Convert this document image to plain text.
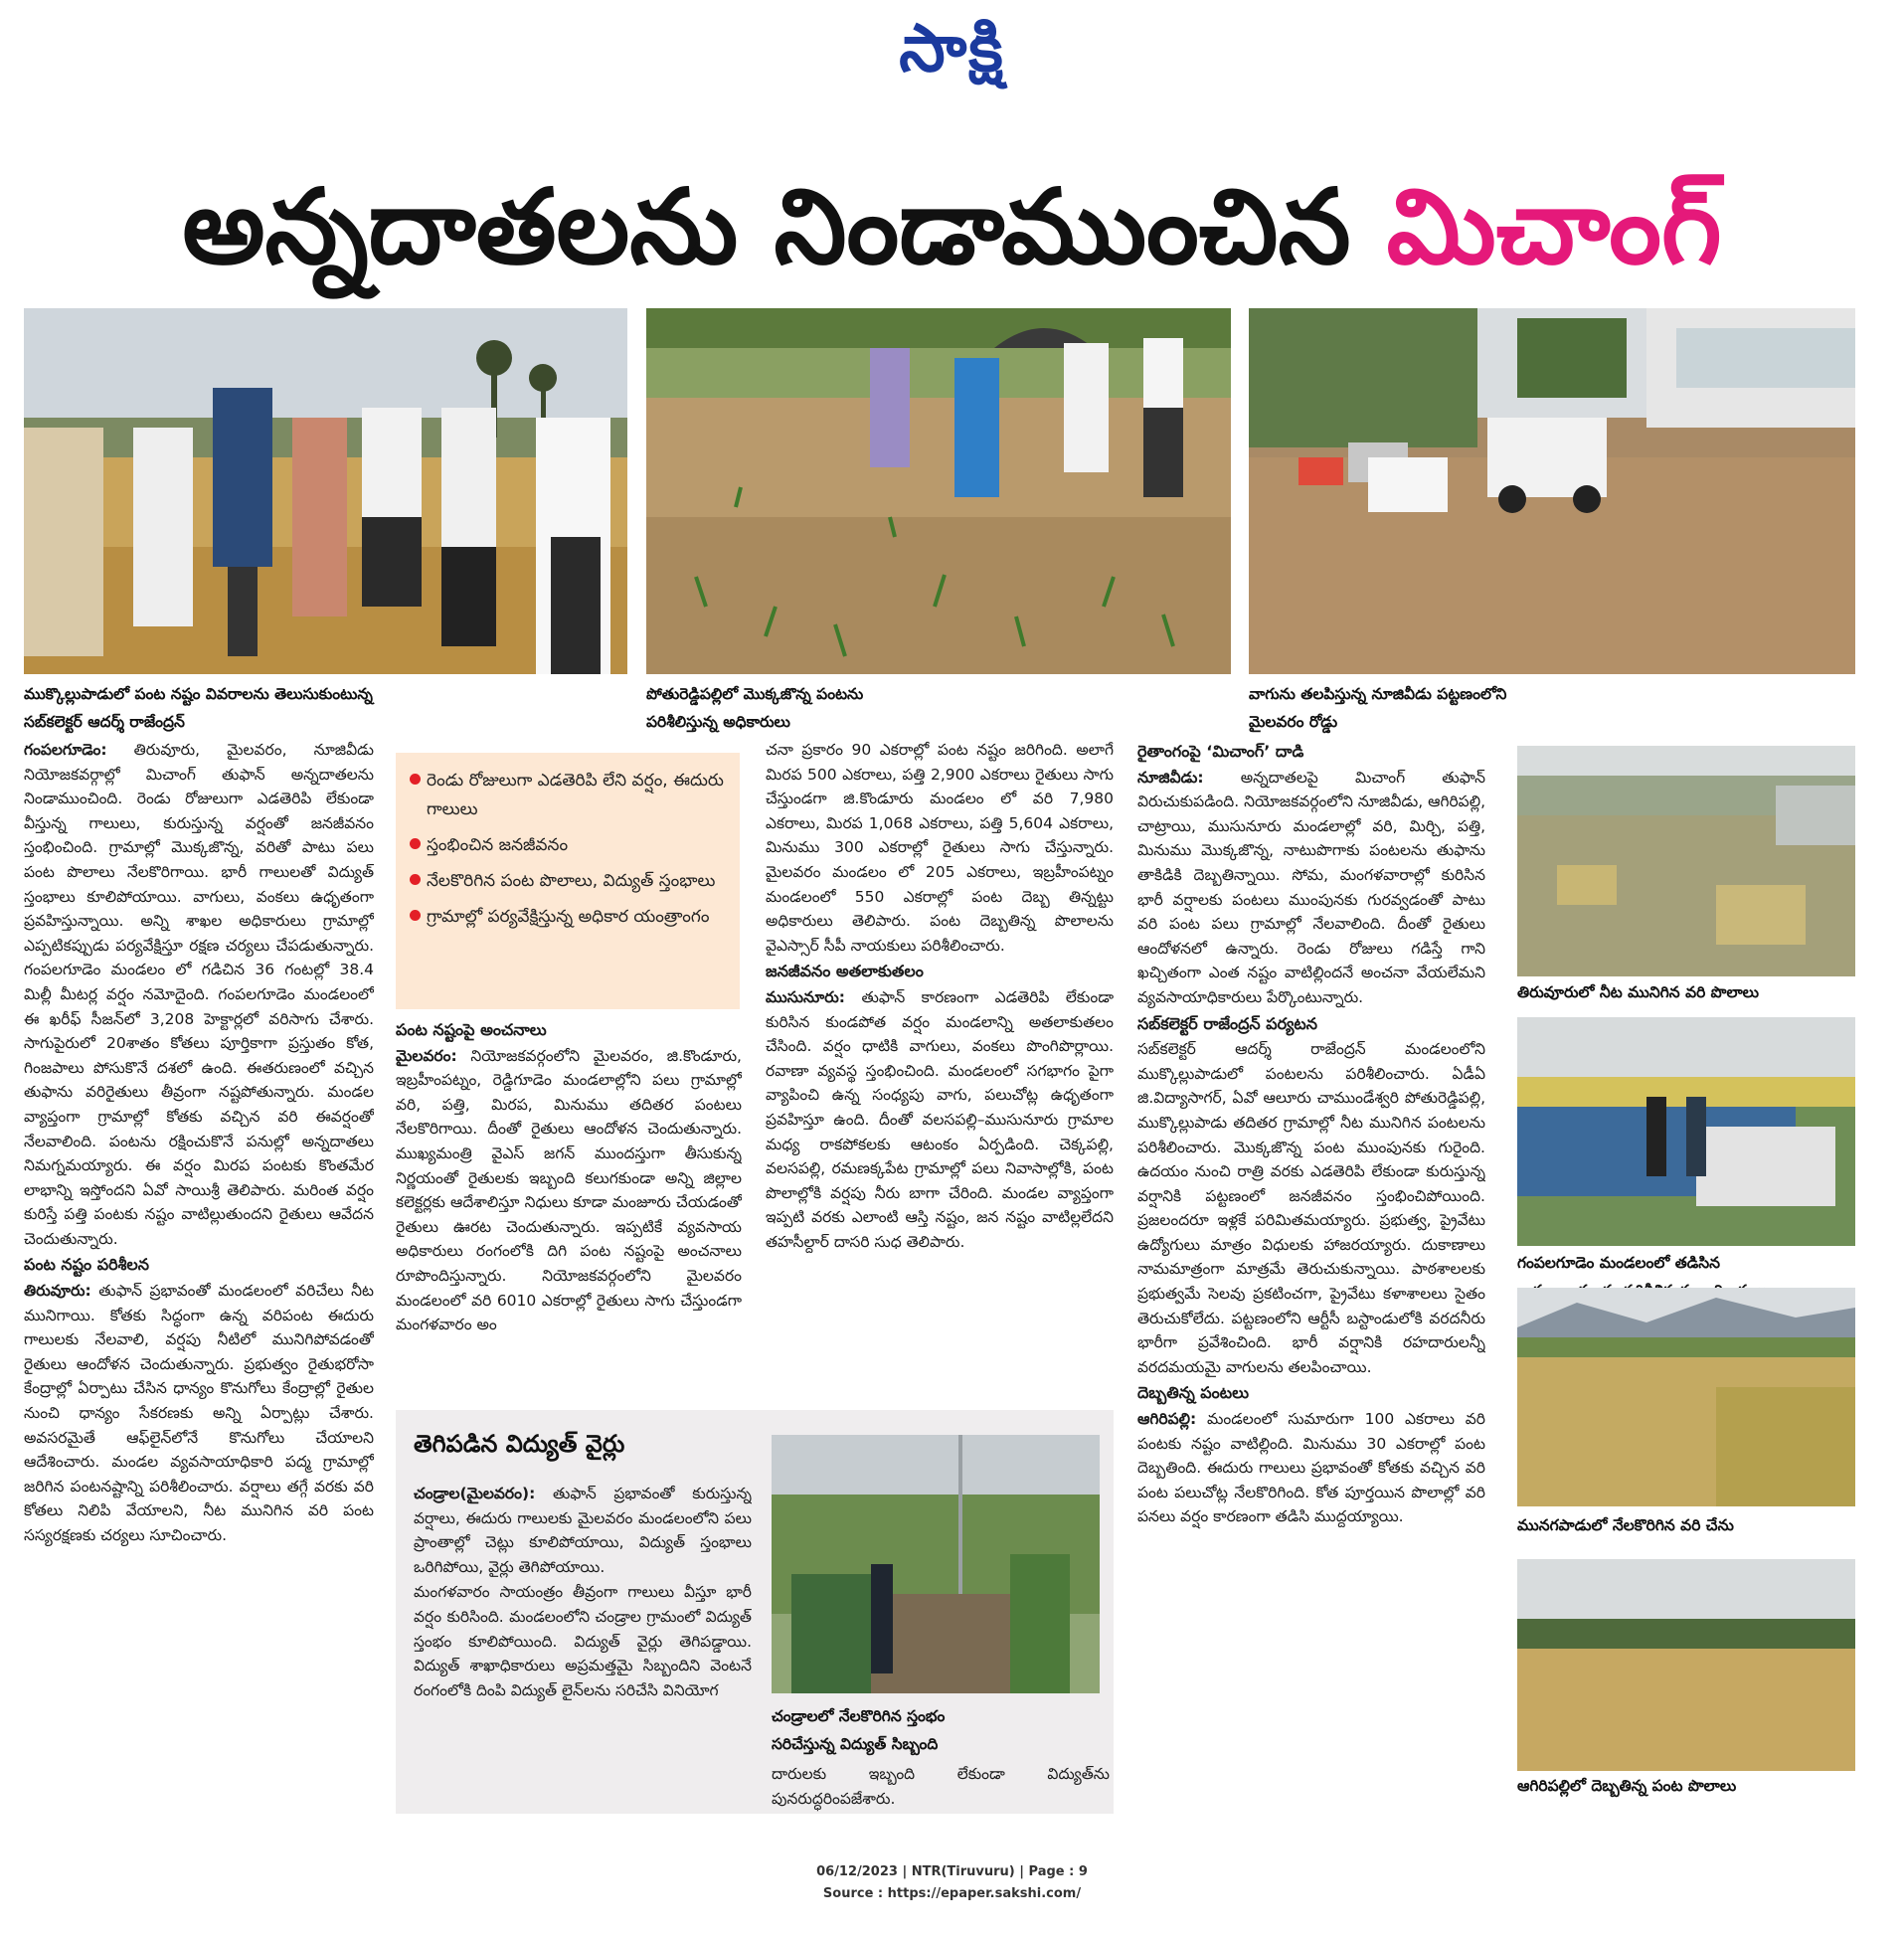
సాక్షి
అన్నదాతలను నిండాముంచిన మిచాంగ్
ముక్కొల్లుపాడులో పంట నష్టం వివరాలను తెలుసుకుంటున్న
సబ్‌కలెక్టర్ ఆదర్శ్ రాజేంద్రన్
పోతురెడ్డిపల్లిలో మొక్కజొన్న పంటను
పరిశీలిస్తున్న అధికారులు
వాగును తలపిస్తున్న నూజివీడు పట్టణంలోని
మైలవరం రోడ్డు

గంపలగూడెం: తిరువూరు, మైలవరం, నూజివీడు నియోజకవర్గాల్లో మిచాంగ్ తుఫాన్ అన్నదాతలను నిండాముంచింది. రెండు రోజులుగా ఎడతెరిపి లేకుండా వీస్తున్న గాలులు, కురుస్తున్న వర్షంతో జనజీవనం స్తంభించింది. గ్రామాల్లో మొక్కజొన్న, వరితో పాటు పలు పంట పొలాలు నేలకొరిగాయి. భారీ గాలులతో విద్యుత్ స్తంభాలు కూలిపోయాయి. వాగులు, వంకలు ఉధృతంగా ప్రవహిస్తున్నాయి. అన్ని శాఖల అధికారులు గ్రామాల్లో ఎప్పటికప్పుడు పర్యవేక్షిస్తూ రక్షణ చర్యలు చేపడుతున్నారు. గంపలగూడెం మండలం లో గడిచిన 36 గంటల్లో 38.4 మిల్లీ మీటర్ల వర్షం నమోదైంది. గంపలగూడెం మండలంలో ఈ ఖరీఫ్ సీజన్‌లో 3,208 హెక్టార్లలో వరిసాగు చేశారు. సాగుపైరులో 20శాతం కోతలు పూర్తికాగా ప్రస్తుతం కోత, గింజపాలు పోసుకొనే దశలో ఉంది. ఈతరుణంలో వచ్చిన తుఫాను వరిరైతులు తీవ్రంగా నష్టపోతున్నారు. మండల వ్యాప్తంగా గ్రామాల్లో కోతకు వచ్చిన వరి ఈవర్షంతో నేలవాలింది. పంటను రక్షించుకొనే పనుల్లో అన్నదాతలు నిమగ్నమయ్యారు. ఈ వర్షం మిరప పంటకు కొంతమేర లాభాన్ని ఇస్తోందని ఏవో సాయిశ్రీ తెలిపారు. మరింత వర్షం కురిస్తే పత్తి పంటకు నష్టం వాటిల్లుతుందని రైతులు ఆవేదన చెందుతున్నారు.

పంట నష్టం పరిశీలన

తిరువూరు: తుఫాన్ ప్రభావంతో మండలంలో వరిచేలు నీట మునిగాయి. కోతకు సిద్ధంగా ఉన్న వరిపంట ఈదురు గాలులకు నేలవాలి, వర్షపు నీటిలో మునిగిపోవడంతో రైతులు ఆందోళన చెందుతున్నారు. ప్రభుత్వం రైతుభరోసా కేంద్రాల్లో ఏర్పాటు చేసిన ధాన్యం కొనుగోలు కేంద్రాల్లో రైతుల నుంచి ధాన్యం సేకరణకు అన్ని ఏర్పాట్లు చేశారు. అవసరమైతే ఆఫ్‌లైన్‌లోనే కొనుగోలు చేయాలని ఆదేశించారు. మండల వ్యవసాయాధికారి పద్మ గ్రామాల్లో జరిగిన పంటనష్టాన్ని పరిశీలించారు. వర్షాలు తగ్గే వరకు వరి కోతలు నిలిపి వేయాలని, నీట మునిగిన వరి పంట సస్యరక్షణకు చర్యలు సూచించారు.

రెండు రోజులుగా ఎడతెరిపి లేని వర్షం, ఈదురు గాలులు
స్తంభించిన జనజీవనం
నేలకొరిగిన పంట పొలాలు, విద్యుత్ స్తంభాలు
గ్రామాల్లో పర్యవేక్షిస్తున్న అధికార యంత్రాంగం

పంట నష్టంపై అంచనాలు

మైలవరం: నియోజకవర్గంలోని మైలవరం, జి.కొండూరు, ఇబ్రహీంపట్నం, రెడ్డిగూడెం మండలాల్లోని పలు గ్రామాల్లో వరి, పత్తి, మిరప, మినుము తదితర పంటలు నేలకొరిగాయి. దీంతో రైతులు ఆందోళన చెందుతున్నారు. ముఖ్యమంత్రి వైఎస్ జగన్ ముందస్తుగా తీసుకున్న నిర్ణయంతో రైతులకు ఇబ్బంది కలుగకుండా అన్ని జిల్లాల కలెక్టర్లకు ఆదేశాలిస్తూ నిధులు కూడా మంజూరు చేయడంతో రైతులు ఊరట చెందుతున్నారు. ఇప్పటికే వ్యవసాయ అధికారులు రంగంలోకి దిగి పంట నష్టంపై అంచనాలు రూపొందిస్తున్నారు. నియోజకవర్గంలోని మైలవరం మండలంలో వరి 6010 ఎకరాల్లో రైతులు సాగు చేస్తుండగా మంగళవారం అం

చనా ప్రకారం 90 ఎకరాల్లో పంట నష్టం జరిగింది. అలాగే మిరప 500 ఎకరాలు, పత్తి 2,900 ఎకరాలు రైతులు సాగు చేస్తుండగా జి.కొండూరు మండలం లో వరి 7,980 ఎకరాలు, మిరప 1,068 ఎకరాలు, పత్తి 5,604 ఎకరాలు, మినుము 300 ఎకరాల్లో రైతులు సాగు చేస్తున్నారు. మైలవరం మండలం లో 205 ఎకరాలు, ఇబ్రహీంపట్నం మండలంలో 550 ఎకరాల్లో పంట దెబ్బ తిన్నట్టు అధికారులు తెలిపారు. పంట దెబ్బతిన్న పొలాలను వైఎస్సార్ సీపీ నాయకులు పరిశీలించారు.

జనజీవనం అతలాకుతలం

ముసునూరు: తుఫాన్ కారణంగా ఎడతెరిపి లేకుండా కురిసిన కుండపోత వర్షం మండలాన్ని అతలాకుతలం చేసింది. వర్షం ధాటికి వాగులు, వంకలు పొంగిపొర్లాయి. రవాణా వ్యవస్థ స్తంభించింది. మండలంలో సగభాగం పైగా వ్యాపించి ఉన్న సంధ్యపు వాగు, పలుచోట్ల ఉధృతంగా ప్రవహిస్తూ ఉంది. దీంతో వలసపల్లి–ముసునూరు గ్రామాల మధ్య రాకపోకలకు ఆటంకం ఏర్పడింది. చెక్కపల్లి, వలసపల్లి, రమణక్కపేట గ్రామాల్లో పలు నివాసాల్లోకి, పంట పొలాల్లోకి వర్షపు నీరు బాగా చేరింది. మండల వ్యాప్తంగా ఇప్పటి వరకు ఎలాంటి ఆస్తి నష్టం, జన నష్టం వాటిల్లలేదని తహసీల్దార్ దాసరి సుధ తెలిపారు.

తెగిపడిన విద్యుత్ వైర్లు

చండ్రాల(మైలవరం): తుఫాన్ ప్రభావంతో కురుస్తున్న వర్షాలు, ఈదురు గాలులకు మైలవరం మండలంలోని పలు ప్రాంతాల్లో చెట్లు కూలిపోయాయి, విద్యుత్ స్తంభాలు ఒరిగిపోయి, వైర్లు తెగిపోయాయి.

మంగళవారం సాయంత్రం తీవ్రంగా గాలులు వీస్తూ భారీ వర్షం కురిసింది. మండలంలోని చండ్రాల గ్రామంలో విద్యుత్ స్తంభం కూలిపోయింది. విద్యుత్ వైర్లు తెగిపడ్డాయి. విద్యుత్ శాఖాధికారులు అప్రమత్తమై సిబ్బందిని వెంటనే రంగంలోకి దింపి విద్యుత్ లైన్‌లను సరిచేసి వినియోగ

చండ్రాలలో నేలకొరిగిన స్తంభం
సరిచేస్తున్న విద్యుత్ సిబ్బంది

దారులకు ఇబ్బంది లేకుండా విద్యుత్‌ను పునరుద్ధరింపజేశారు.

రైతాంగంపై ‘మిచాంగ్’ దాడి

నూజివీడు: అన్నదాతలపై మిచాంగ్ తుఫాన్ విరుచుకుపడింది. నియోజకవర్గంలోని నూజివీడు, ఆగిరిపల్లి, చాట్రాయి, ముసునూరు మండలాల్లో వరి, మిర్చి, పత్తి, మినుము మొక్కజొన్న, నాటుపొగాకు పంటలను తుఫాను తాకిడికి దెబ్బతిన్నాయి. సోమ, మంగళవారాల్లో కురిసిన భారీ వర్షాలకు పంటలు ముంపునకు గురవ్వడంతో పాటు వరి పంట పలు గ్రామాల్లో నేలవాలింది. దీంతో రైతులు ఆందోళనలో ఉన్నారు. రెండు రోజులు గడిస్తే గాని ఖచ్చితంగా ఎంత నష్టం వాటిల్లిందనే అంచనా వేయలేమని వ్యవసాయాధికారులు పేర్కొంటున్నారు.

సబ్‌కలెక్టర్ రాజేంద్రన్ పర్యటన

సబ్‌కలెక్టర్ ఆదర్శ్ రాజేంద్రన్ మండలంలోని ముక్కొల్లుపాడులో పంటలను పరిశీలించారు. ఏడీఏ జి.విద్యాసాగర్, ఏవో ఆలూరు చాముండేశ్వరి పోతురెడ్డిపల్లి, ముక్కొల్లుపాడు తదితర గ్రామాల్లో నీట మునిగిన పంటలను పరిశీలించారు. మొక్కజొన్న పంట ముంపునకు గురైంది. ఉదయం నుంచి రాత్రి వరకు ఎడతెరిపి లేకుండా కురుస్తున్న వర్షానికి పట్టణంలో జనజీవనం స్తంభించిపోయింది. ప్రజలందరూ ఇళ్లకే పరిమితమయ్యారు. ప్రభుత్వ, ప్రైవేటు ఉద్యోగులు మాత్రం విధులకు హాజరయ్యారు. దుకాణాలు నామమాత్రంగా మాత్రమే తెరుచుకున్నాయి. పాఠశాలలకు ప్రభుత్వమే సెలవు ప్రకటించగా, ప్రైవేటు కళాశాలలు సైతం తెరుచుకోలేదు. పట్టణంలోని ఆర్టీసీ బస్టాండులోకి వరదనీరు భారీగా ప్రవేశించింది. భారీ వర్షానికి రహదారులన్నీ వరదమయమై వాగులను తలపించాయి.

దెబ్బతిన్న పంటలు

ఆగిరిపల్లి: మండలంలో సుమారుగా 100 ఎకరాలు వరి పంటకు నష్టం వాటిల్లింది. మినుము 30 ఎకరాల్లో పంట దెబ్బతింది. ఈదురు గాలులు ప్రభావంతో కోతకు వచ్చిన వరి పంట పలుచోట్ల నేలకొరిగింది. కోత పూర్తయిన పొలాల్లో వరి పనలు వర్షం కారణంగా తడిసి ముద్దయ్యాయి.

తిరువూరులో నీట మునిగిన వరి పొలాలు
గంపలగూడెం మండలంలో తడిసిన
మునగపాడులో నేలకొరిగిన వరి చేను
ఆగిరిపల్లిలో దెబ్బతిన్న పంట పొలాలు
06/12/2023 | NTR(Tiruvuru) | Page : 9
Source : https://epaper.sakshi.com/
